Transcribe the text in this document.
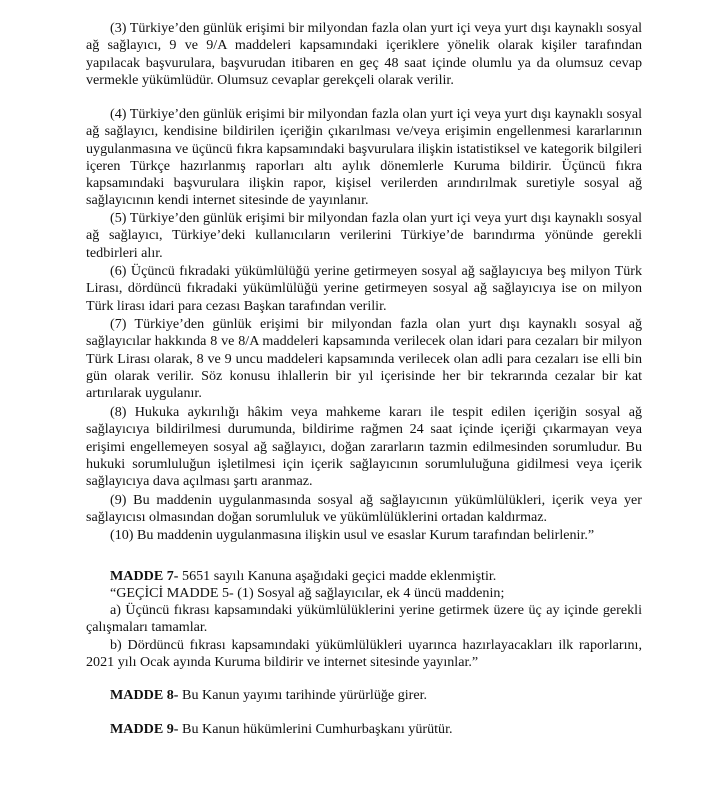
(3) Türkiye’den günlük erişimi bir milyondan fazla olan yurt içi veya yurt dışı kaynaklı sosyal ağ sağlayıcı, 9 ve 9/A maddeleri kapsamındaki içeriklere yönelik olarak kişiler tarafından yapılacak başvurulara, başvurudan itibaren en geç 48 saat içinde olumlu ya da olumsuz cevap vermekle yükümlüdür. Olumsuz cevaplar gerekçeli olarak verilir.

(4) Türkiye’den günlük erişimi bir milyondan fazla olan yurt içi veya yurt dışı kaynaklı sosyal ağ sağlayıcı, kendisine bildirilen içeriğin çıkarılması ve/veya erişimin engellenmesi kararlarının uygulanmasına ve üçüncü fıkra kapsamındaki başvurulara ilişkin istatistiksel ve kategorik bilgileri içeren Türkçe hazırlanmış raporları altı aylık dönemlerle Kuruma bildirir. Üçüncü fıkra kapsamındaki başvurulara ilişkin rapor, kişisel verilerden arındırılmak suretiyle sosyal ağ sağlayıcının kendi internet sitesinde de yayınlanır.

(5) Türkiye’den günlük erişimi bir milyondan fazla olan yurt içi veya yurt dışı kaynaklı sosyal ağ sağlayıcı, Türkiye’deki kullanıcıların verilerini Türkiye’de barındırma yönünde gerekli tedbirleri alır.

(6) Üçüncü fıkradaki yükümlülüğü yerine getirmeyen sosyal ağ sağlayıcıya beş milyon Türk Lirası, dördüncü fıkradaki yükümlülüğü yerine getirmeyen sosyal ağ sağlayıcıya ise on milyon Türk lirası idari para cezası Başkan tarafından verilir.

(7) Türkiye’den günlük erişimi bir milyondan fazla olan yurt dışı kaynaklı sosyal ağ sağlayıcılar hakkında 8 ve 8/A maddeleri kapsamında verilecek olan idari para cezaları bir milyon Türk Lirası olarak, 8 ve 9 uncu maddeleri kapsamında verilecek olan adli para cezaları ise elli bin gün olarak verilir. Söz konusu ihlallerin bir yıl içerisinde her bir tekrarında cezalar bir kat artırılarak uygulanır.

(8) Hukuka aykırılığı hâkim veya mahkeme kararı ile tespit edilen içeriğin sosyal ağ sağlayıcıya bildirilmesi durumunda, bildirime rağmen 24 saat içinde içeriği çıkarmayan veya erişimi engellemeyen sosyal ağ sağlayıcı, doğan zararların tazmin edilmesinden sorumludur. Bu hukuki sorumluluğun işletilmesi için içerik sağlayıcının sorumluluğuna gidilmesi veya içerik sağlayıcıya dava açılması şartı aranmaz.

(9) Bu maddenin uygulanmasında sosyal ağ sağlayıcının yükümlülükleri, içerik veya yer sağlayıcısı olmasından doğan sorumluluk ve yükümlülüklerini ortadan kaldırmaz.

(10) Bu maddenin uygulanmasına ilişkin usul ve esaslar Kurum tarafından belirlenir.”

MADDE 7- 5651 sayılı Kanuna aşağıdaki geçici madde eklenmiştir.

“GEÇİCİ MADDE 5- (1) Sosyal ağ sağlayıcılar, ek 4 üncü maddenin;

a) Üçüncü fıkrası kapsamındaki yükümlülüklerini yerine getirmek üzere üç ay içinde gerekli çalışmaları tamamlar.

b) Dördüncü fıkrası kapsamındaki yükümlülükleri uyarınca hazırlayacakları ilk raporlarını, 2021 yılı Ocak ayında Kuruma bildirir ve internet sitesinde yayınlar.”

MADDE 8- Bu Kanun yayımı tarihinde yürürlüğe girer.

MADDE 9- Bu Kanun hükümlerini Cumhurbaşkanı yürütür.
